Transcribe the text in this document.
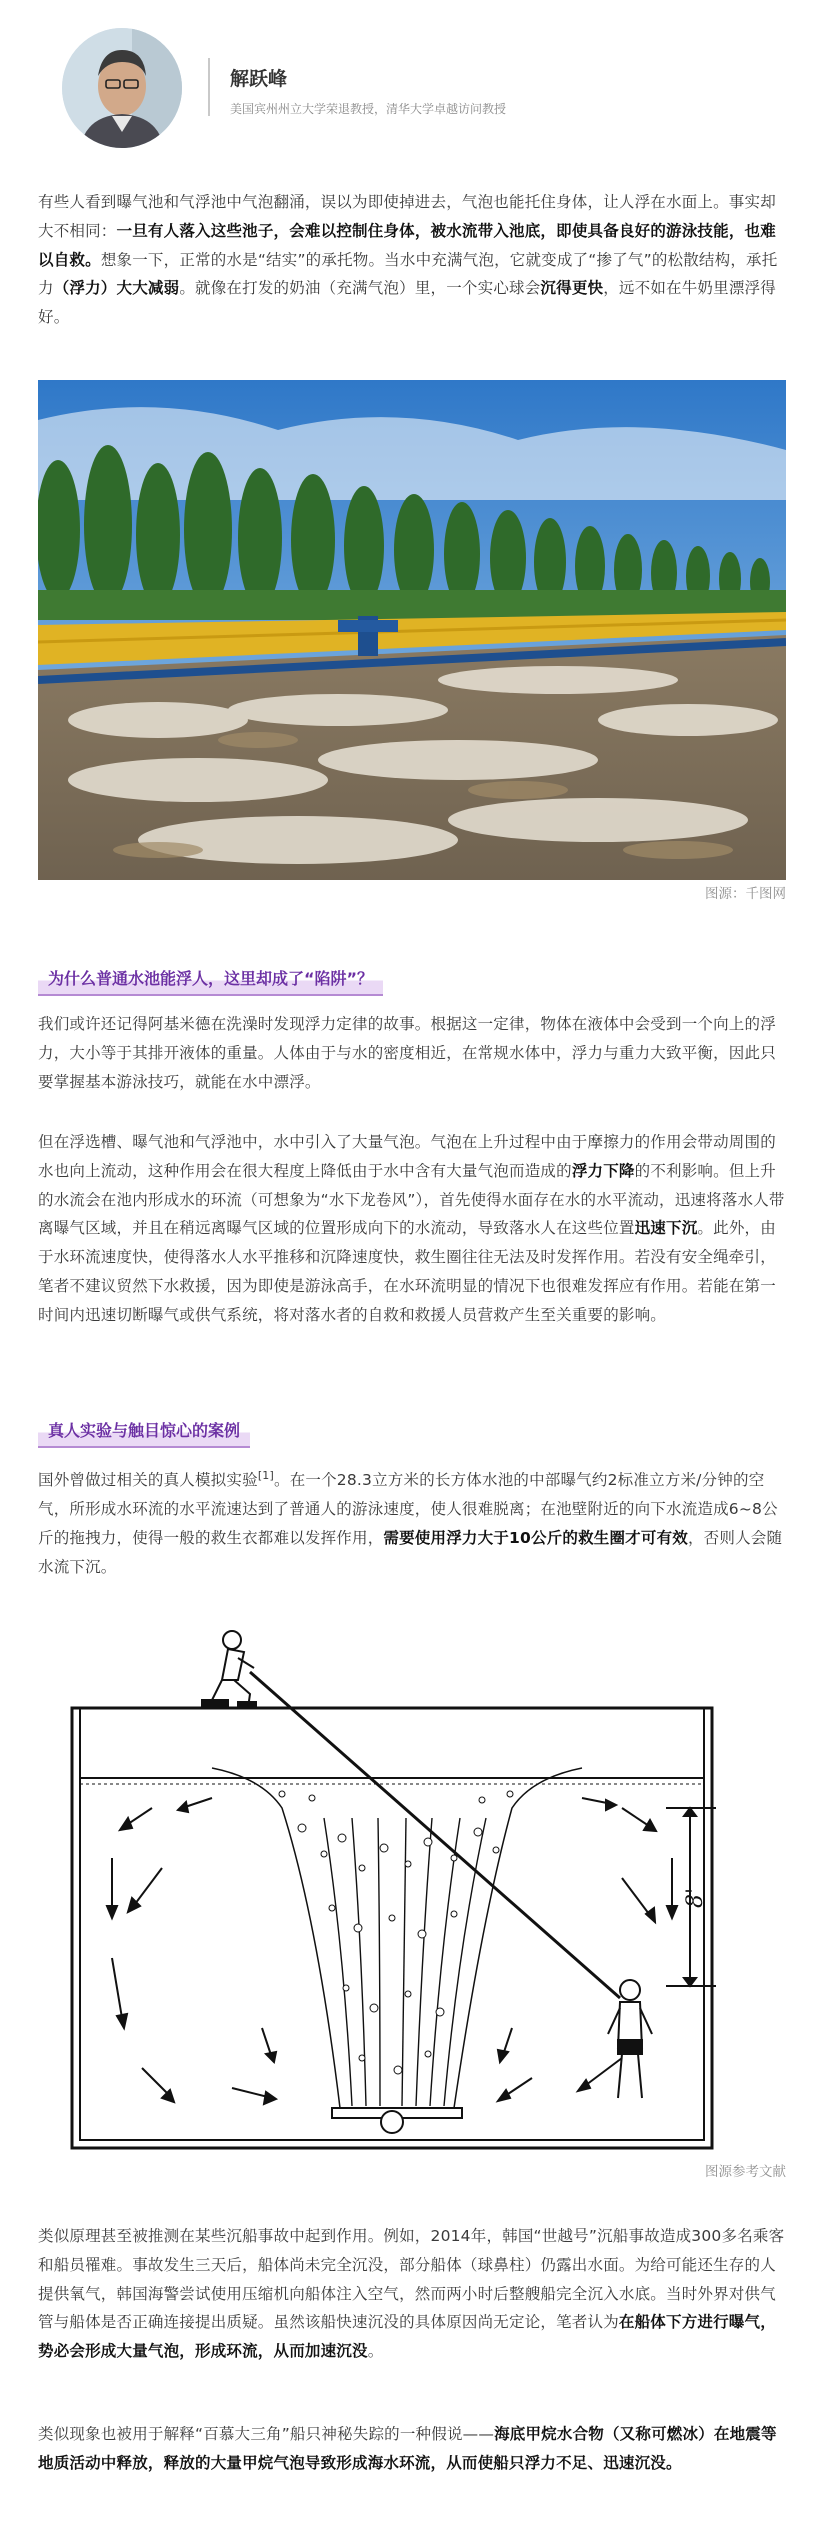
解跃峰
美国宾州州立大学荣退教授，清华大学卓越访问教授

有些人看到曝气池和气浮池中气泡翻涌，误以为即使掉进去，气泡也能托住身体，让人浮在水面上。事实却大不相同：一旦有人落入这些池子，会难以控制住身体，被水流带入池底，即使具备良好的游泳技能，也难以自救。想象一下，正常的水是“结实”的承托物。当水中充满气泡，它就变成了“掺了气”的松散结构，承托力（浮力）大大减弱。就像在打发的奶油（充满气泡）里，一个实心球会沉得更快，远不如在牛奶里漂浮得好。

图源：千图网
为什么普通水池能浮人，这里却成了“陷阱”？

我们或许还记得阿基米德在洗澡时发现浮力定律的故事。根据这一定律，物体在液体中会受到一个向上的浮力，大小等于其排开液体的重量。人体由于与水的密度相近，在常规水体中，浮力与重力大致平衡，因此只要掌握基本游泳技巧，就能在水中漂浮。

但在浮选槽、曝气池和气浮池中，水中引入了大量气泡。气泡在上升过程中由于摩擦力的作用会带动周围的水也向上流动，这种作用会在很大程度上降低由于水中含有大量气泡而造成的浮力下降的不利影响。但上升的水流会在池内形成水的环流（可想象为“水下龙卷风”），首先使得水面存在水的水平流动，迅速将落水人带离曝气区域，并且在稍远离曝气区域的位置形成向下的水流动，导致落水人在这些位置迅速下沉。此外，由于水环流速度快，使得落水人水平推移和沉降速度快，救生圈往往无法及时发挥作用。若没有安全绳牵引，笔者不建议贸然下水救援，因为即使是游泳高手，在水环流明显的情况下也很难发挥应有作用。若能在第一时间内迅速切断曝气或供气系统，将对落水者的自救和救援人员营救产生至关重要的影响。

真人实验与触目惊心的案例

国外曾做过相关的真人模拟实验[1]。在一个28.3立方米的长方体水池的中部曝气约2标准立方米/分钟的空气，所形成水环流的水平流速达到了普通人的游泳速度，使人很难脱离；在池壁附近的向下水流造成6~8公斤的拖拽力，使得一般的救生衣都难以发挥作用，需要使用浮力大于10公斤的救生圈才可有效，否则人会随水流下沉。

8'
图源参考文献

类似原理甚至被推测在某些沉船事故中起到作用。例如，2014年，韩国“世越号”沉船事故造成300多名乘客和船员罹难。事故发生三天后，船体尚未完全沉没，部分船体（球鼻柱）仍露出水面。为给可能还生存的人提供氧气，韩国海警尝试使用压缩机向船体注入空气，然而两小时后整艘船完全沉入水底。当时外界对供气管与船体是否正确连接提出质疑。虽然该船快速沉没的具体原因尚无定论，笔者认为在船体下方进行曝气，势必会形成大量气泡，形成环流，从而加速沉没。

类似现象也被用于解释“百慕大三角”船只神秘失踪的一种假说——海底甲烷水合物（又称可燃冰）在地震等地质活动中释放，释放的大量甲烷气泡导致形成海水环流，从而使船只浮力不足、迅速沉没。
